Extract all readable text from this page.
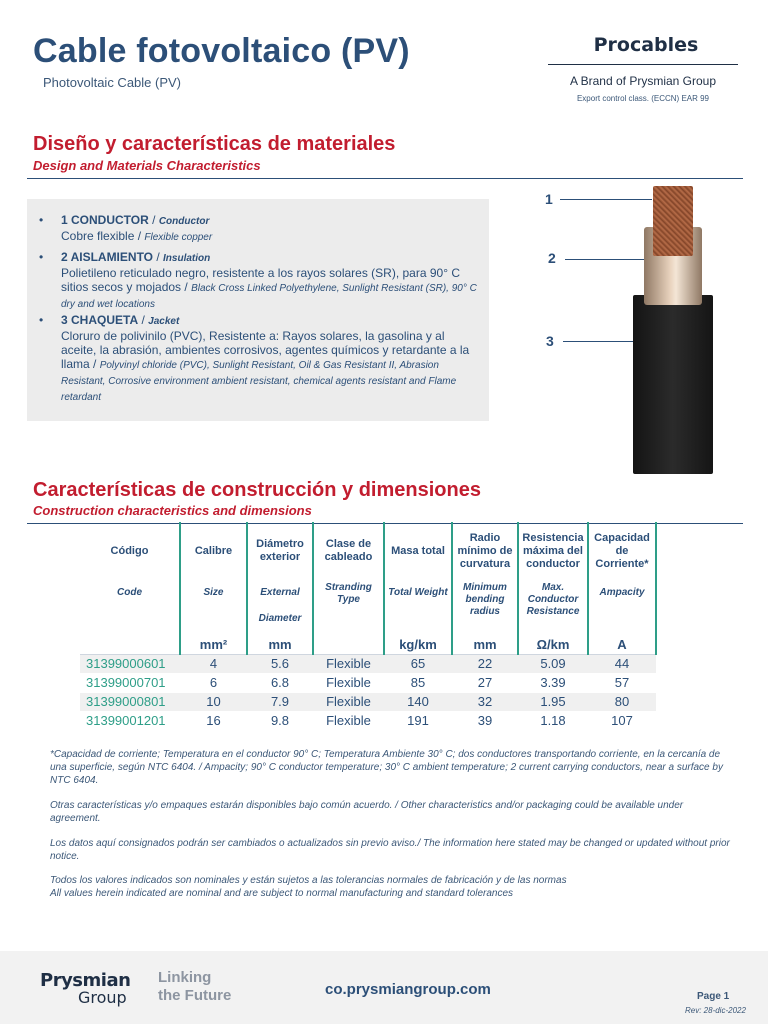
Cable fotovoltaico (PV)
Photovoltaic Cable (PV)
Procables
A Brand of Prysmian Group
Export control class. (ECCN) EAR 99
Diseño y características de materiales
Design and Materials Characteristics
• 1 CONDUCTOR / Conductor
Cobre flexible / Flexible copper
• 2 AISLAMIENTO / Insulation
Polietileno reticulado negro, resistente a los rayos solares (SR), para 90° C sitios secos y mojados / Black Cross Linked Polyethylene, Sunlight Resistant (SR), 90° C dry and wet locations
• 3 CHAQUETA / Jacket
Cloruro de polivinilo (PVC), Resistente a: Rayos solares, la gasolina y al aceite, la abrasión, ambientes corrosivos, agentes químicos y retardante a la llama / Polyvinyl chloride (PVC), Sunlight Resistant, Oil & Gas Resistant II, Abrasion Resistant, Corrosive environment ambient resistant, chemical agents resistant and Flame retardant
1
2
3
Características de construcción y dimensiones
Construction characteristics and dimensions
Código	Calibre	Diámetro exterior	Clase de cableado	Masa total	Radio mínimo de curvatura	Resistencia máxima del conductor	Capacidad de Corriente*

Code	Size	External
Diameter	Stranding Type	Total Weight	Minimum bending radius	Max. Conductor Resistance	Ampacity

	mm²	mm		kg/km	mm	Ω/km	A
31399000601	4	5.6	Flexible	65	22	5.09	44
31399000701	6	6.8	Flexible	85	27	3.39	57
31399000801	10	7.9	Flexible	140	32	1.95	80
31399001201	16	9.8	Flexible	191	39	1.18	107
*Capacidad de corriente; Temperatura en el conductor 90° C; Temperatura Ambiente 30° C; dos conductores transportando corriente, en la cercanía de una superficie, según NTC 6404. / Ampacity; 90° C conductor temperature; 30° C ambient temperature; 2 current carrying conductors, near a surface by NTC 6404.
Otras características y/o empaques estarán disponibles bajo común acuerdo. / Other characteristics and/or packaging could be available under agreement.
Los datos aquí consignados podrán ser cambiados o actualizados sin previo aviso./ The information here stated may be changed or updated without prior notice.
Todos los valores indicados son nominales y están sujetos a las tolerancias normales de fabricación y de las normas
All values herein indicated are nominal and are subject to normal manufacturing and standard tolerances
Prysmian
Group
Linking
the Future	co.prysmiangroup.com	Page 1
Rev: 28-dic-2022
